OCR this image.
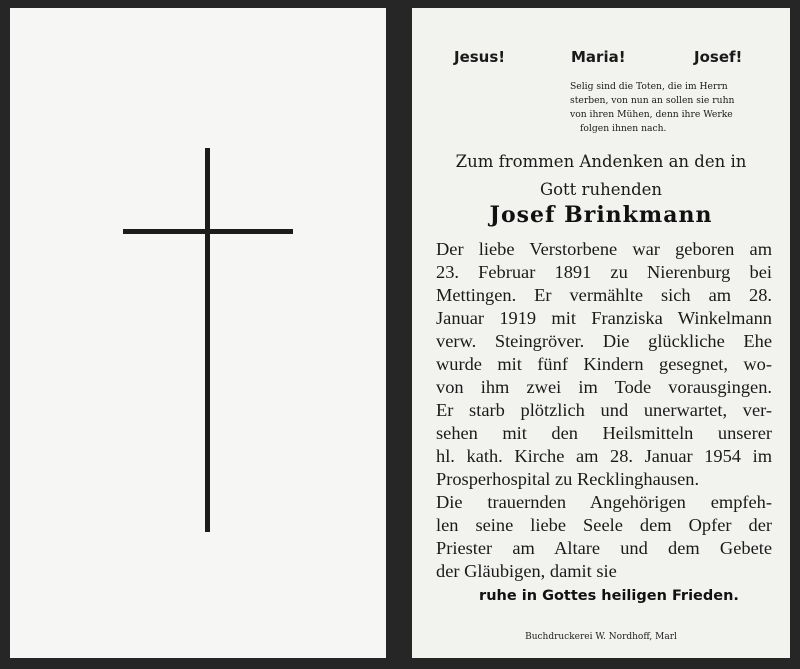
Jesus!	Maria!	Josef!
Selig sind die Toten, die im Herrn
sterben, von nun an sollen sie ruhn
von ihren Mühen, denn ihre Werke
folgen ihnen nach.
Zum frommen Andenken an den in
Gott ruhenden
Josef Brinkmann
Der liebe Verstorbene war geboren am
23. Februar 1891 zu Nierenburg bei
Mettingen. Er vermählte sich am 28.
Januar 1919 mit Franziska Winkelmann
verw. Steingröver. Die glückliche Ehe
wurde mit fünf Kindern gesegnet, wo-
von ihm zwei im Tode vorausgingen.
Er starb plötzlich und unerwartet, ver-
sehen mit den Heilsmitteln unserer
hl. kath. Kirche am 28. Januar 1954 im
Prosperhospital zu Recklinghausen.
Die trauernden Angehörigen empfeh-
len seine liebe Seele dem Opfer der
Priester am Altare und dem Gebete
der Gläubigen, damit sie
ruhe in Gottes heiligen Frieden.
Buchdruckerei W. Nordhoff, Marl
